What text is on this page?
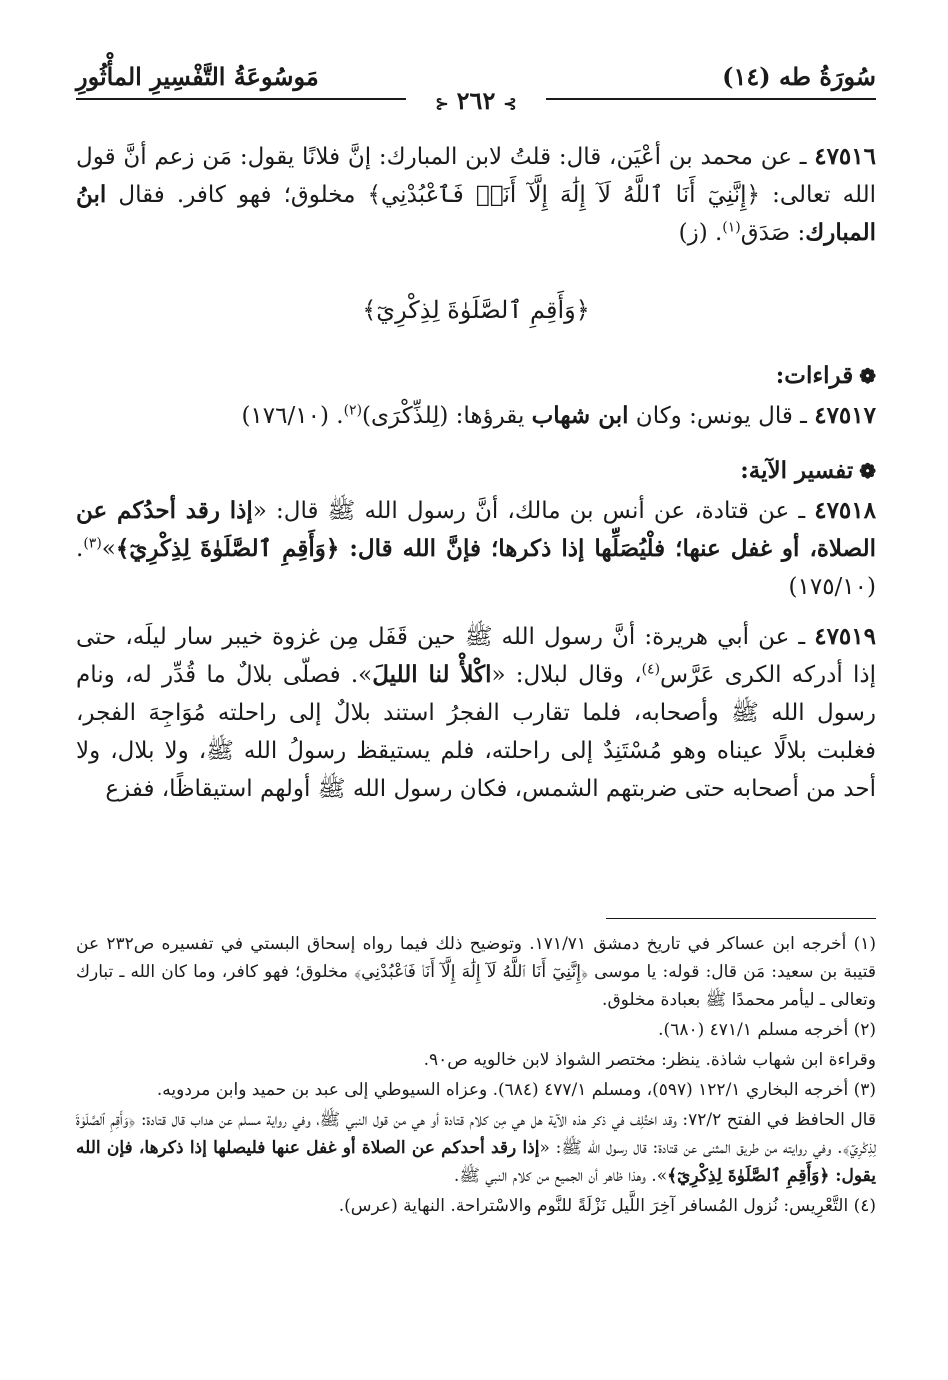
سُورَةُ طه (١٤)
مَوسُوعَةُ التَّفْسِيرِ المأْثُورِ
⊱٢٦٢⊰

٤٧٥١٦ ـ عن محمد بن أعْيَن، قال: قلتُ لابن المبارك: إنَّ فلانًا يقول: مَن زعم أنَّ قول الله تعالى: ﴿إِنَّنِيٓ أَنَا ٱللَّهُ لَآ إِلَٰهَ إِلَّآ أَنَا۠ فَٱعْبُدْنِي﴾ مخلوق؛ فهو كافر. فقال ابنُ المبارك: صَدَق$^{(١)}$. (ز)

﴿وَأَقِمِ ٱلصَّلَوٰةَ لِذِكْرِيٓ﴾
❁قراءات:

٤٧٥١٧ ـ قال يونس: وكان ابن شهاب يقرؤها: (لِلذِّكْرَى)$^{(٢)}$. (١٧٦/١٠)

❁تفسير الآية:

٤٧٥١٨ ـ عن قتادة، عن أنس بن مالك، أنَّ رسول الله ﷺ قال: «إذا رقد أحدُكم عن الصلاة، أو غفل عنها؛ فلْيُصَلِّها إذا ذكرها؛ فإنَّ الله قال: ﴿وَأَقِمِ ٱلصَّلَوٰةَ لِذِكْرِيٓ﴾»$^{(٣)}$. (١٧٥/١٠)

٤٧٥١٩ ـ عن أبي هريرة: أنَّ رسول الله ﷺ حين قَفَل مِن غزوة خيبر سار ليلَه، حتى إذا أدركه الكرى عَرَّس$^{(٤)}$، وقال لبلال: «اكْلأْ لنا الليلَ». فصلّى بلالٌ ما قُدِّر له، ونام رسول الله ﷺ وأصحابه، فلما تقارب الفجرُ استند بلالٌ إلى راحلته مُوَاجِهَ الفجر، فغلبت بلالًا عيناه وهو مُسْتَنِدٌ إلى راحلته، فلم يستيقظ رسولُ الله ﷺ، ولا بلال، ولا أحد من أصحابه حتى ضربتهم الشمس، فكان رسول الله ﷺ أولهم استيقاظًا، ففزع

(١) أخرجه ابن عساكر في تاريخ دمشق ١٧١/٧١. وتوضيح ذلك فيما رواه إسحاق البستي في تفسيره ص٢٣٢ عن قتيبة بن سعيد: مَن قال: قوله: يا موسى ﴿إِنَّنِيٓ أَنَا ٱللَّهُ لَآ إِلَٰهَ إِلَّآ أَنَا۠ فَٱعْبُدْنِي﴾ مخلوق؛ فهو كافر، وما كان الله ـ تبارك وتعالى ـ ليأمر محمدًا ﷺ بعبادة مخلوق.

(٢) أخرجه مسلم ٤٧١/١ (٦٨٠).

وقراءة ابن شهاب شاذة. ينظر: مختصر الشواذ لابن خالويه ص٩٠.

(٣) أخرجه البخاري ١٢٢/١ (٥٩٧)، ومسلم ٤٧٧/١ (٦٨٤). وعزاه السيوطي إلى عبد بن حميد وابن مردويه.

قال الحافظ في الفتح ٧٢/٢: وقد اختُلِف في ذكر هذه الآية هل هي مِن كلام قتادة أو هي من قول النبي ﷺ، وفي رواية مسلم عن هداب قال قتادة: ﴿وَأَقِمِ ٱلصَّلَوٰةَ لِذِكْرِيٓ﴾. وفي روايته من طريق المثنى عن قتادة: قال رسول الله ﷺ: «إذا رقد أحدكم عن الصلاة أو غفل عنها فليصلها إذا ذكرها، فإن الله يقول: ﴿وَأَقِمِ ٱلصَّلَوٰةَ لِذِكْرِيٓ﴾». وهذا ظاهر أن الجميع من كلام النبي ﷺ.

(٤) التَّعْرِيس: نُزول المُسافر آخِرَ اللَّيل نَزْلَةً للنَّوم والاسْتراحة. النهاية (عرس).
